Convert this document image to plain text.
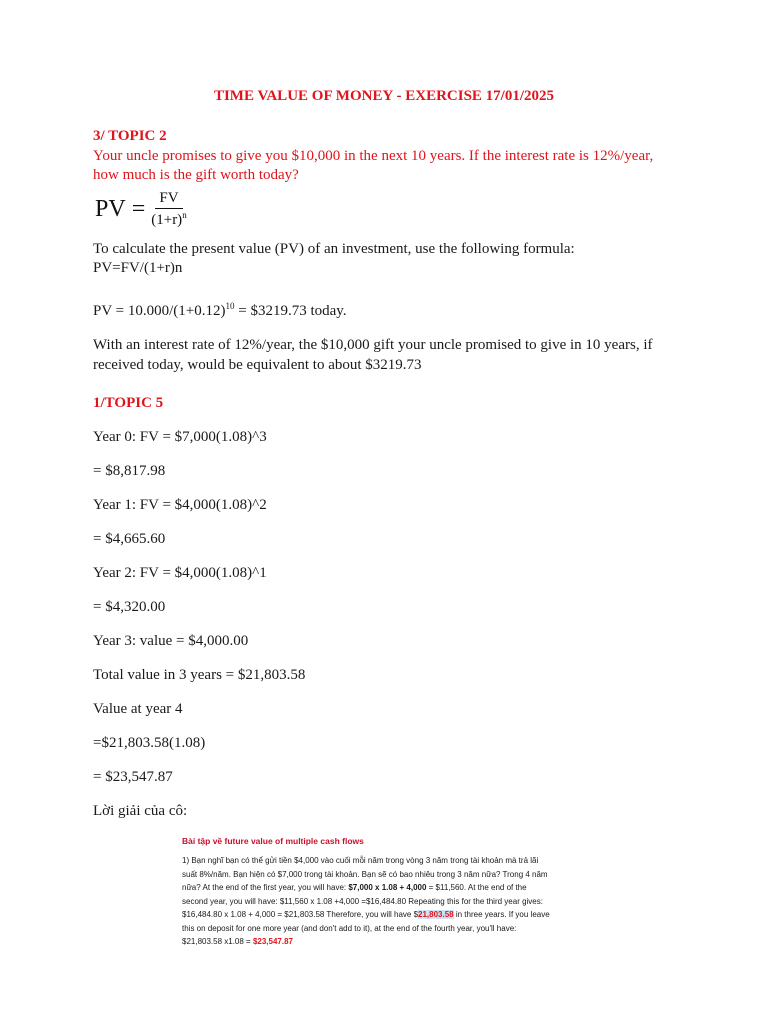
TIME VALUE OF MONEY - EXERCISE 17/01/2025
3/ TOPIC 2
Your uncle promises to give you $10,000 in the next 10 years. If the interest rate is 12%/year,
how much is the gift worth today?
PV = $\frac{FV}{(1+r)^n}$
To calculate the present value (PV) of an investment, use the following formula:
PV=FV/(1+r)n
PV = $10.000/(1+0.12)^{10}$ = $3219.73 today.
With an interest rate of 12%/year, the $10,000 gift your uncle promised to give in 10 years, if
received today, would be equivalent to about $3219.73
1/TOPIC 5
Year 0: FV = $7,000(1.08)^3
= $8,817.98
Year 1: FV = $4,000(1.08)^2
= $4,665.60
Year 2: FV = $4,000(1.08)^1
= $4,320.00
Year 3: value = $4,000.00
Total value in 3 years = $21,803.58
Value at year 4
=$21,803.58(1.08)
= $23,547.87
Lời giải của cô:
Bài tập về future value of multiple cash flows
1) Bạn nghĩ bạn có thể gửi tiền $4,000 vào cuối mỗi năm trong vòng 3 năm trong tài khoản mà trả lãi
suất 8%/năm. Bạn hiện có $7,000 trong tài khoản. Bạn sẽ có bao nhiêu trong 3 năm nữa? Trong 4 năm
nữa? At the end of the first year, you will have: $7,000 x 1.08 + 4,000 = $11,560. At the end of the
second year, you will have: $11,560 x 1.08 +4,000 =$16,484.80 Repeating this for the third year gives:
$16,484.80 x 1.08 + 4,000 = $21,803.58 Therefore, you will have $21,803.58 in three years. If you leave
this on deposit for one more year (and don't add to it), at the end of the fourth year, you'll have:
$21,803.58 x1.08 = $23,547.87
